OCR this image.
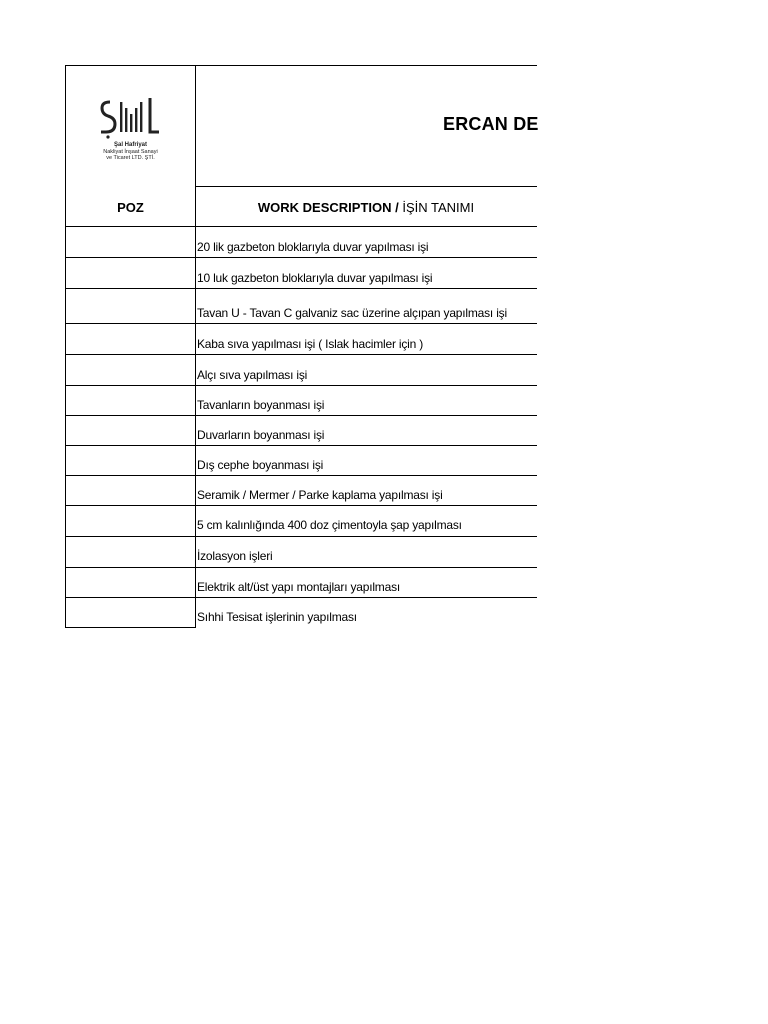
Şal Hafriyat
Nakliyat İnşaat Sanayi
ve Ticaret LTD. ŞTİ.
ERCAN DE
POZ	WORK DESCRIPTION / İŞİN TANIMI
20 lik gazbeton bloklarıyla duvar yapılması işi
10 luk gazbeton bloklarıyla duvar yapılması işi
Tavan U - Tavan C galvaniz sac üzerine alçıpan yapılması işi
Kaba sıva yapılması işi ( Islak hacimler için )
Alçı sıva yapılması işi
Tavanların boyanması işi
Duvarların boyanması işi
Dış cephe boyanması işi
Seramik / Mermer / Parke kaplama yapılması işi
5 cm kalınlığında 400 doz çimentoyla şap yapılması
İzolasyon işleri
Elektrik alt/üst yapı montajları yapılması
Sıhhi Tesisat işlerinin yapılması
